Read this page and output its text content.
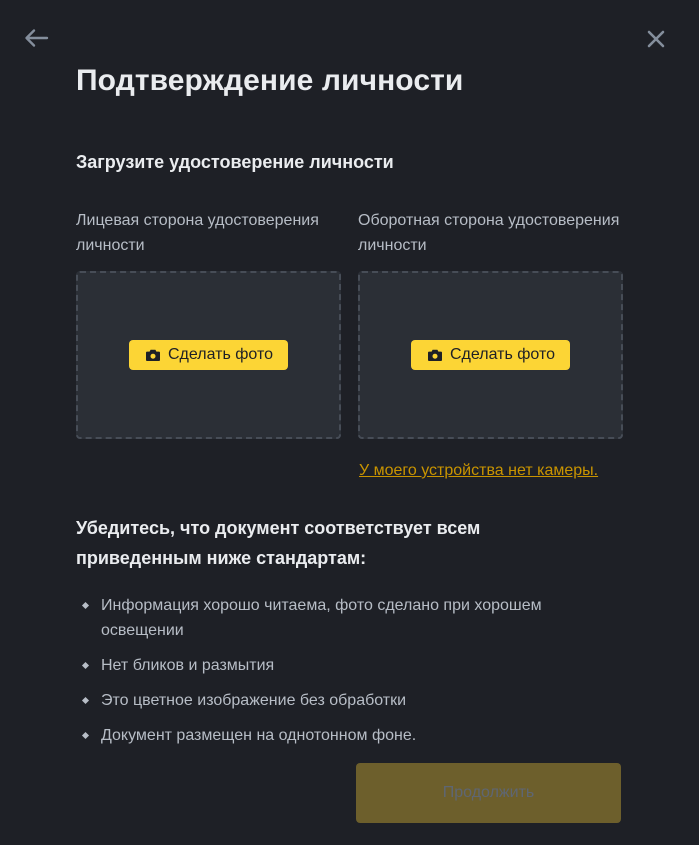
Подтверждение личности
Загрузите удостоверение личности
Лицевая сторона удостоверения личности
Сделать фото
Оборотная сторона удостоверения личности
Сделать фото
У моего устройства нет камеры.
Убедитесь, что документ соответствует всем приведенным ниже стандартам:
Информация хорошо читаема, фото сделано при хорошем освещении
Нет бликов и размытия
Это цветное изображение без обработки
Документ размещен на однотонном фоне.
Продолжить
